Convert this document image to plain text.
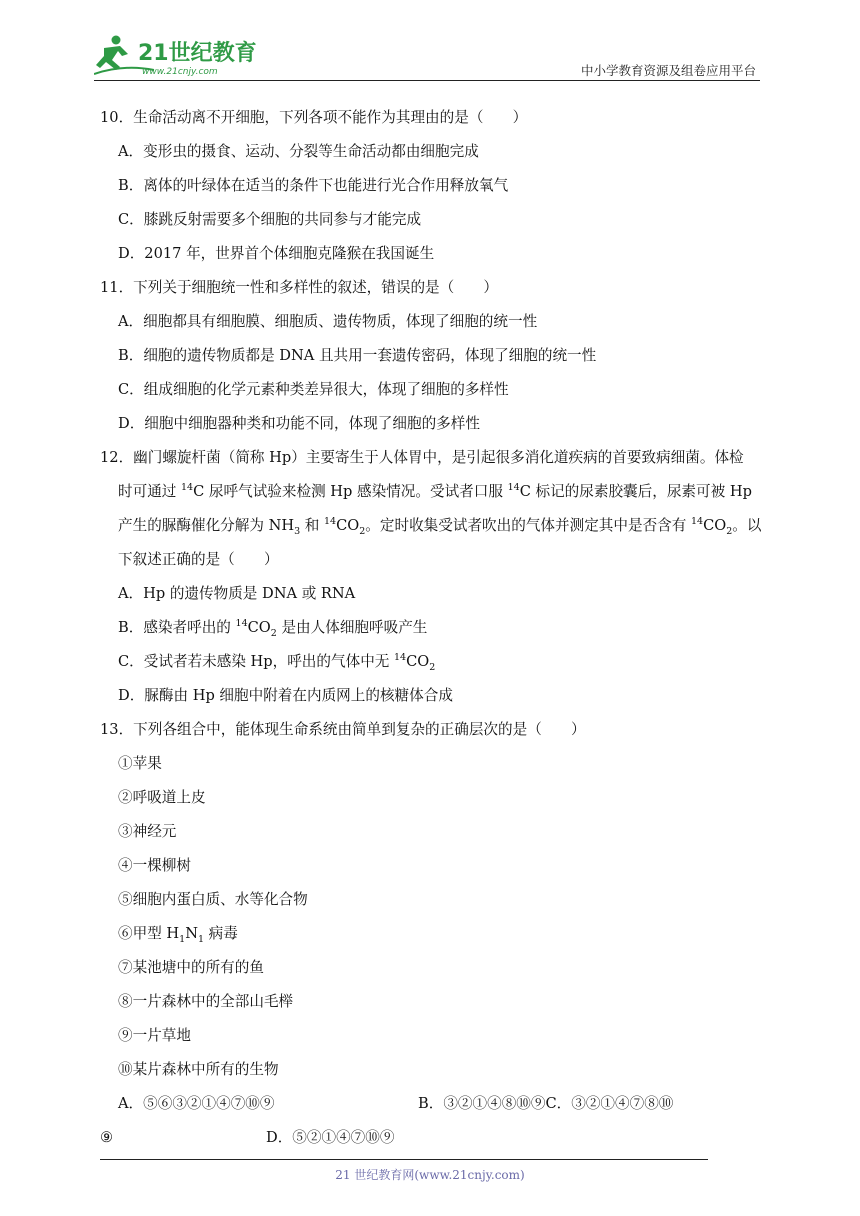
21世纪教育
www.21cnjy.com	中小学教育资源及组卷应用平台

10．生命活动离不开细胞，下列各项不能作为其理由的是（　　）

A．变形虫的摄食、运动、分裂等生命活动都由细胞完成

B．离体的叶绿体在适当的条件下也能进行光合作用释放氧气

C．膝跳反射需要多个细胞的共同参与才能完成

D．2017 年，世界首个体细胞克隆猴在我国诞生

11．下列关于细胞统一性和多样性的叙述，错误的是（　　）

A．细胞都具有细胞膜、细胞质、遗传物质，体现了细胞的统一性

B．细胞的遗传物质都是 DNA 且共用一套遗传密码，体现了细胞的统一性

C．组成细胞的化学元素种类差异很大，体现了细胞的多样性

D．细胞中细胞器种类和功能不同，体现了细胞的多样性

12．幽门螺旋杆菌（简称 Hp）主要寄生于人体胃中，是引起很多消化道疾病的首要致病细菌。体检

时可通过 $^{14}$C 尿呼气试验来检测 Hp 感染情况。受试者口服 $^{14}$C 标记的尿素胶囊后，尿素可被 Hp

产生的脲酶催化分解为 $NH_3$ 和 $^{14}CO_2$。定时收集受试者吹出的气体并测定其中是否含有 $^{14}CO_2$。以

下叙述正确的是（　　）

A．Hp 的遗传物质是 DNA 或 RNA

B．感染者呼出的 $^{14}CO_2$ 是由人体细胞呼吸产生

C．受试者若未感染 Hp，呼出的气体中无 $^{14}CO_2$

D．脲酶由 Hp 细胞中附着在内质网上的核糖体合成

13．下列各组合中，能体现生命系统由简单到复杂的正确层次的是（　　）

①苹果

②呼吸道上皮

③神经元

④一棵柳树

⑤细胞内蛋白质、水等化合物

⑥甲型 $H_1N_1$ 病毒

⑦某池塘中的所有的鱼

⑧一片森林中的全部山毛榉

⑨一片草地

⑩某片森林中所有的生物

A．⑤⑥③②①④⑦⑩⑨	B．③②①④⑧⑩⑨C．③②①④⑦⑧⑩
⑨	D．⑤②①④⑦⑩⑨
21 世纪教育网(www.21cnjy.com)
